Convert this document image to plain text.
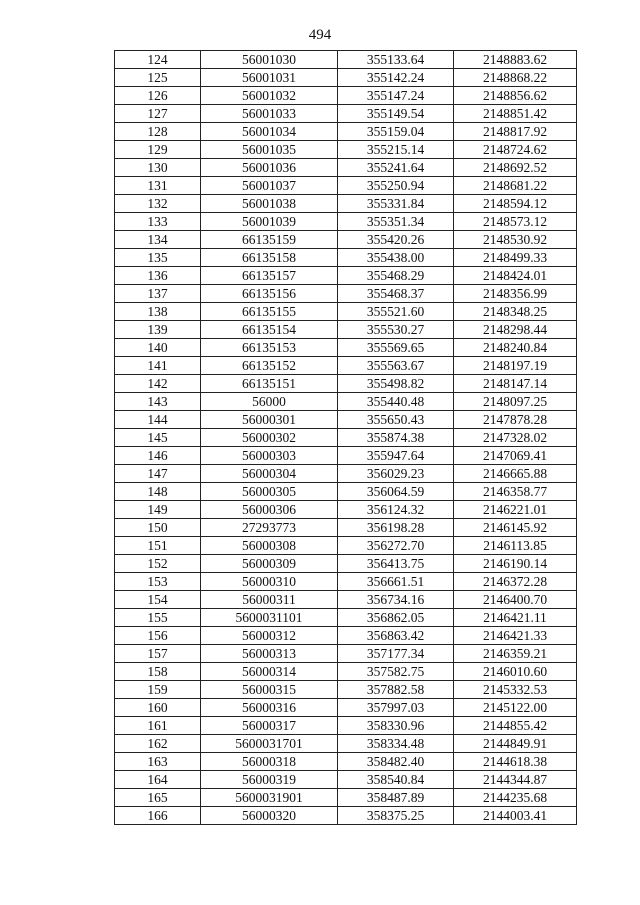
494
124	56001030	355133.64	2148883.62
125	56001031	355142.24	2148868.22
126	56001032	355147.24	2148856.62
127	56001033	355149.54	2148851.42
128	56001034	355159.04	2148817.92
129	56001035	355215.14	2148724.62
130	56001036	355241.64	2148692.52
131	56001037	355250.94	2148681.22
132	56001038	355331.84	2148594.12
133	56001039	355351.34	2148573.12
134	66135159	355420.26	2148530.92
135	66135158	355438.00	2148499.33
136	66135157	355468.29	2148424.01
137	66135156	355468.37	2148356.99
138	66135155	355521.60	2148348.25
139	66135154	355530.27	2148298.44
140	66135153	355569.65	2148240.84
141	66135152	355563.67	2148197.19
142	66135151	355498.82	2148147.14
143	56000	355440.48	2148097.25
144	56000301	355650.43	2147878.28
145	56000302	355874.38	2147328.02
146	56000303	355947.64	2147069.41
147	56000304	356029.23	2146665.88
148	56000305	356064.59	2146358.77
149	56000306	356124.32	2146221.01
150	27293773	356198.28	2146145.92
151	56000308	356272.70	2146113.85
152	56000309	356413.75	2146190.14
153	56000310	356661.51	2146372.28
154	56000311	356734.16	2146400.70
155	5600031101	356862.05	2146421.11
156	56000312	356863.42	2146421.33
157	56000313	357177.34	2146359.21
158	56000314	357582.75	2146010.60
159	56000315	357882.58	2145332.53
160	56000316	357997.03	2145122.00
161	56000317	358330.96	2144855.42
162	5600031701	358334.48	2144849.91
163	56000318	358482.40	2144618.38
164	56000319	358540.84	2144344.87
165	5600031901	358487.89	2144235.68
166	56000320	358375.25	2144003.41
